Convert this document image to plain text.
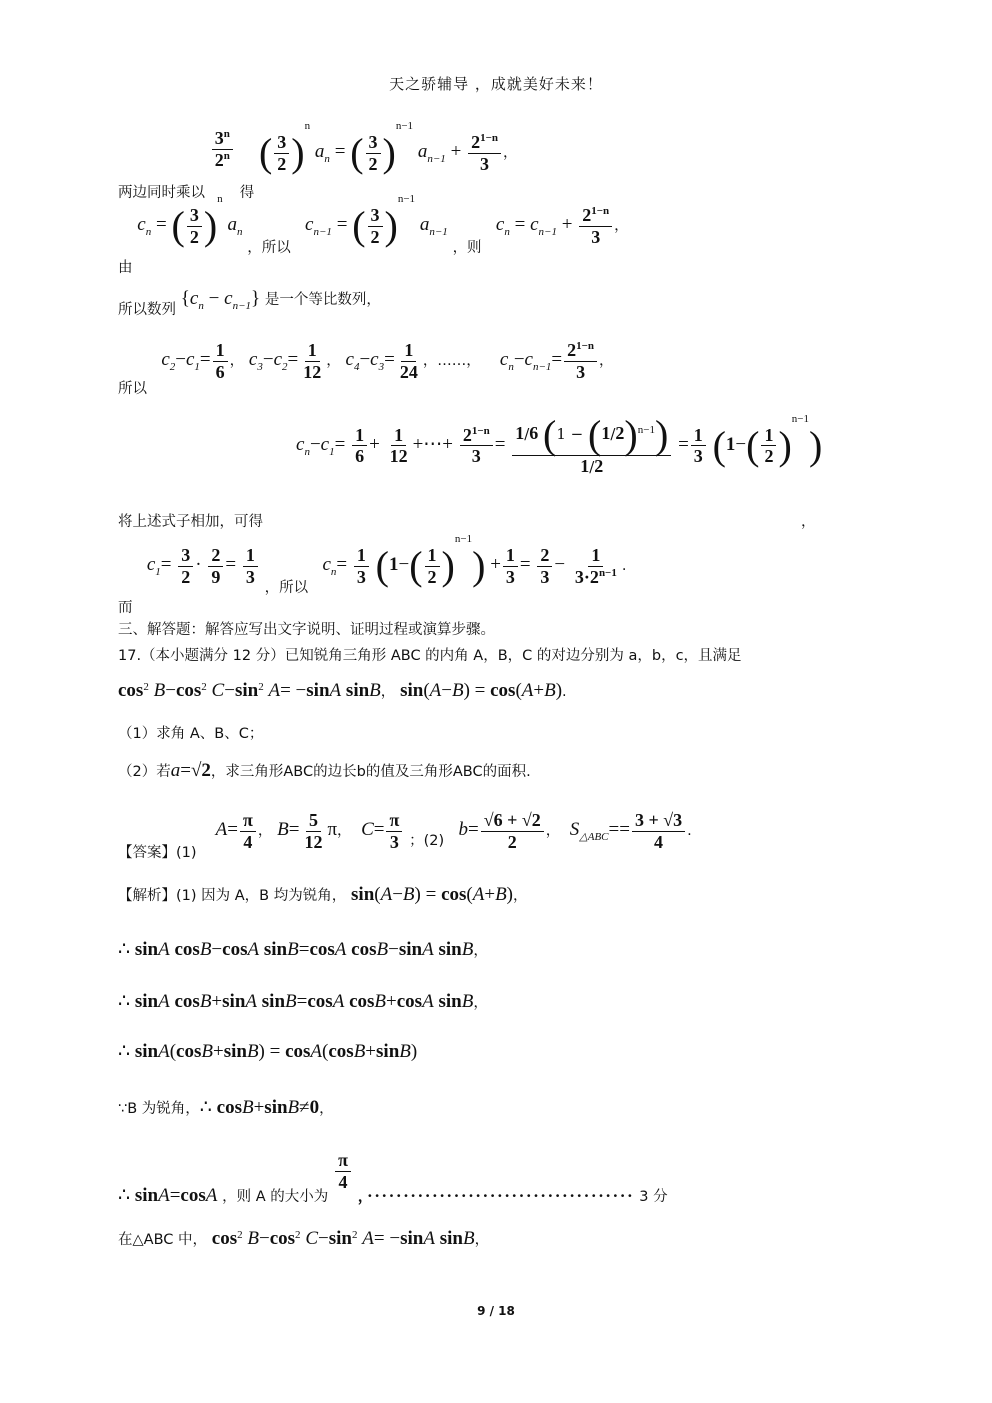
天之骄辅导 ，成就美好未来！
两边同时乘以
$\frac{3^n}{2^n}$
得 ( $\frac{3}{2} )^n$ $a_n$ = ( $\frac{3}{2} )^{n-1}$ $a_{n-1} + \frac{2^{1-n}}{3}$ ，
由 $c_n$ = ( $\frac{3}{2} )^n$ $a_n$ ，所以   $c_{n-1}$ = ( $\frac{3}{2} )^{n-1}$ $a_{n-1}$ ，则   $c_n = c_{n-1} + \frac{2^{1-n}}{3}$ ，
所以数列 $\{c_n - c_{n-1}\}$ 是一个等比数列，
所以   $c_2-c_1= \frac{1}{6}$ ， $c_3-c_2= \frac{1}{12}$ ， $c_4-c_3= \frac{1}{24}$ ，……， $c_n-c_{n-1}= \frac{2^{1-n}}{3}$ ，
$c_n-c_1= \frac{1}{6} + \frac{1}{12}$ +⋯+ $\frac{2^{1-n}}{3} = \frac{1/6 (1 - (1/2)^{n-1})}{1/2} = \frac{1}{3} (1-( \frac{1}{2} )^{n-1})$
将上述式子相加，可得	，
而   $c_1= \frac{3}{2} \cdot \frac{2}{9} = \frac{1}{3}$
，所以   $c_n= \frac{1}{3} (1-( \frac{1}{2} )^{n-1}) + \frac{1}{3} = \frac{2}{3} - \frac{1}{3\cdot 2^{n-1}}$ .
三、解答题：解答应写出文字说明、证明过程或演算步骤。
17.（本小题满分 12 分）已知锐角三角形 ABC 的内角 A，B，C 的对边分别为 a，b，c，且满足
$\cos^2 B-\cos^2$ $C-\sin^2$ A= −sinA sinB， sin(A−B) = cos(A+B).
（1）求角 A、B、C；
（2）若a=√2，求三角形ABC的边长b的值及三角形ABC的面积.
【答案】(1)    $A= \frac{\pi}{4}$ ， $B= \frac{5}{12}$ π， $C= \frac{\pi}{3}$ ；(2)   $b= \frac{√6 + √2}{2}$ ， $S_{\triangle ABC}== \frac{3 + √3}{4}$ .
【解析】(1) 因为 A，B 均为锐角， sin(A−B) = cos(A+B)，
∴ sinA cosB−cosA sinB=cosA cosB−sinA sinB，
∴ sinA cosB+sinA sinB=cosA cosB+cosA sinB，
∴ sinA(cosB+sinB) = cosA(cosB+sinB)
∵B 为锐角，∴ cosB+sinB≠0，
∴ sinA=cosA ，则 A 的大小为
$\frac{\pi}{4}$
，····································· 3 分
在△ABC 中， $\cos^2 B-\cos^2$ $C-\sin^2$ A= −sinA sinB，
9 / 18
